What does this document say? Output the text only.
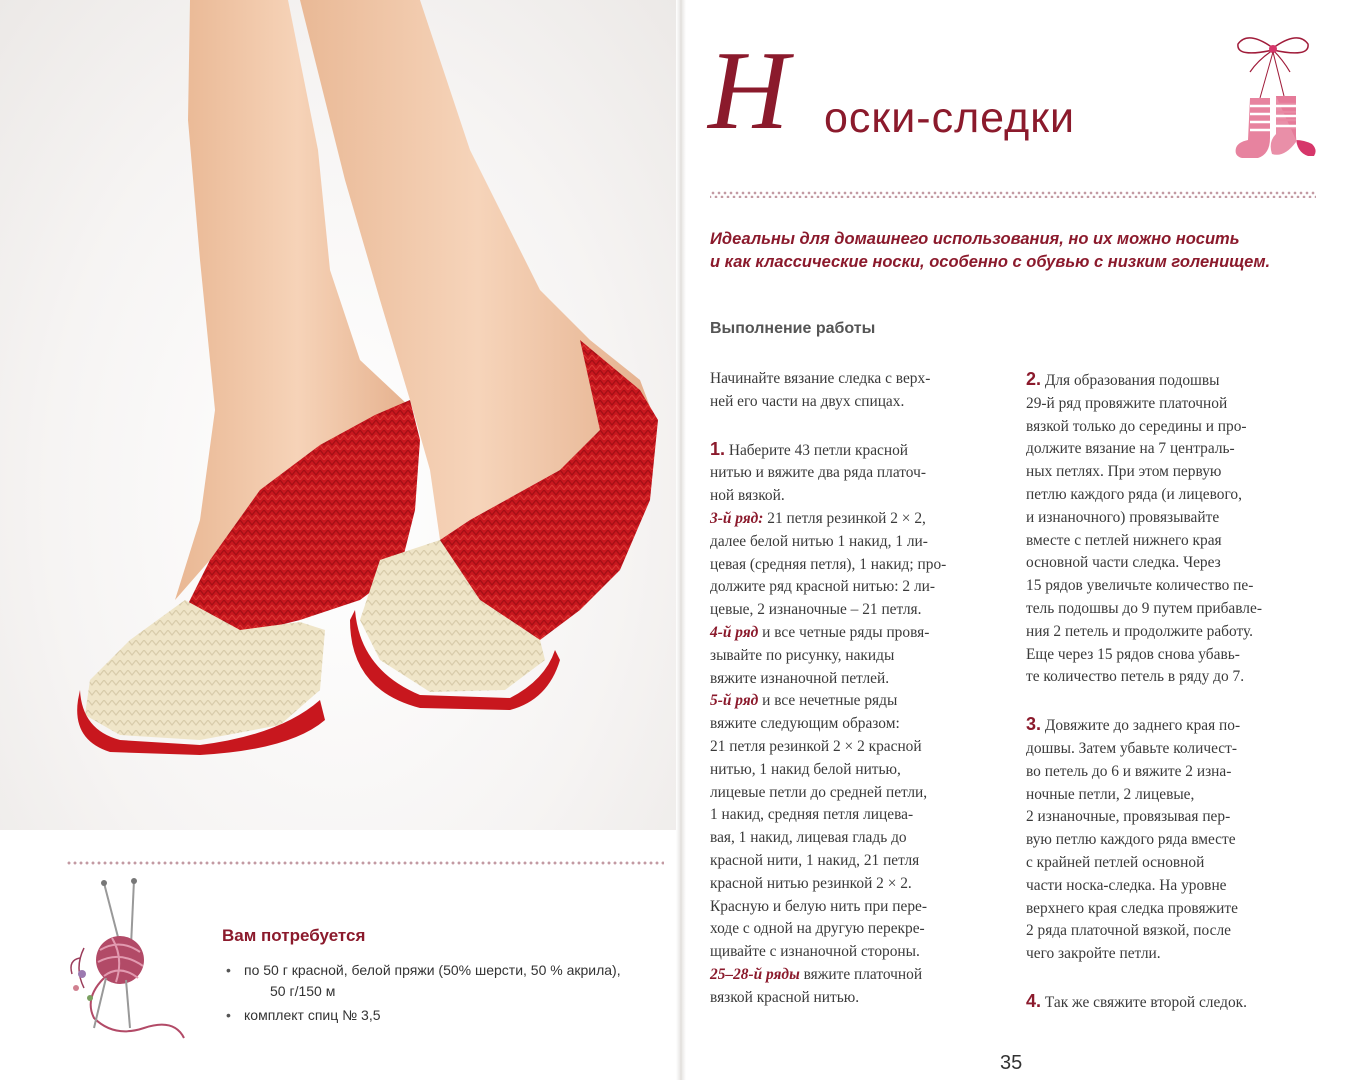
Вам потребуется
• по 50 г красной, белой пряжи (50% шерсти, 50 % акрила),
50 г/150 м
• комплект спиц № 3,5
Н оски-следки
Идеальны для домашнего использования, но их можно носить
и как классические носки, особенно с обувью с низким голенищем.
Выполнение работы

Начинайте вязание следка с верх-
ней его части на двух спицах.

1. Наберите 43 петли красной
нитью и вяжите два ряда платоч-
ной вязкой.
3-й ряд: 21 петля резинкой 2 × 2,
далее белой нитью 1 накид, 1 ли-
цевая (средняя петля), 1 накид; про-
должите ряд красной нитью: 2 ли-
цевые, 2 изнаночные – 21 петля.
4-й ряд и все четные ряды провя-
зывайте по рисунку, накиды
вяжите изнаночной петлей.
5-й ряд и все нечетные ряды
вяжите следующим образом:
21 петля резинкой 2 × 2 красной
нитью, 1 накид белой нитью,
лицевые петли до средней петли,
1 накид, средняя петля лицева-
вая, 1 накид, лицевая гладь до
красной нити, 1 накид, 21 петля
красной нитью резинкой 2 × 2.
Красную и белую нить при пере-
ходе с одной на другую перекре-
щивайте с изнаночной стороны.
25–28-й ряды вяжите платочной
вязкой красной нитью.

2. Для образования подошвы
29-й ряд провяжите платочной
вязкой только до середины и про-
должите вязание на 7 централь-
ных петлях. При этом первую
петлю каждого ряда (и лицевого,
и изнаночного) провязывайте
вместе с петлей нижнего края
основной части следка. Через
15 рядов увеличьте количество пе-
тель подошвы до 9 путем прибавле-
ния 2 петель и продолжите работу.
Еще через 15 рядов снова убавь-
те количество петель в ряду до 7.

3. Довяжите до заднего края по-
дошвы. Затем убавьте количест-
во петель до 6 и вяжите 2 изна-
ночные петли, 2 лицевые,
2 изнаночные, провязывая пер-
вую петлю каждого ряда вместе
с крайней петлей основной
части носка-следка. На уровне
верхнего края следка провяжите
2 ряда платочной вязкой, после
чего закройте петли.

4. Так же свяжите второй следок.

35
